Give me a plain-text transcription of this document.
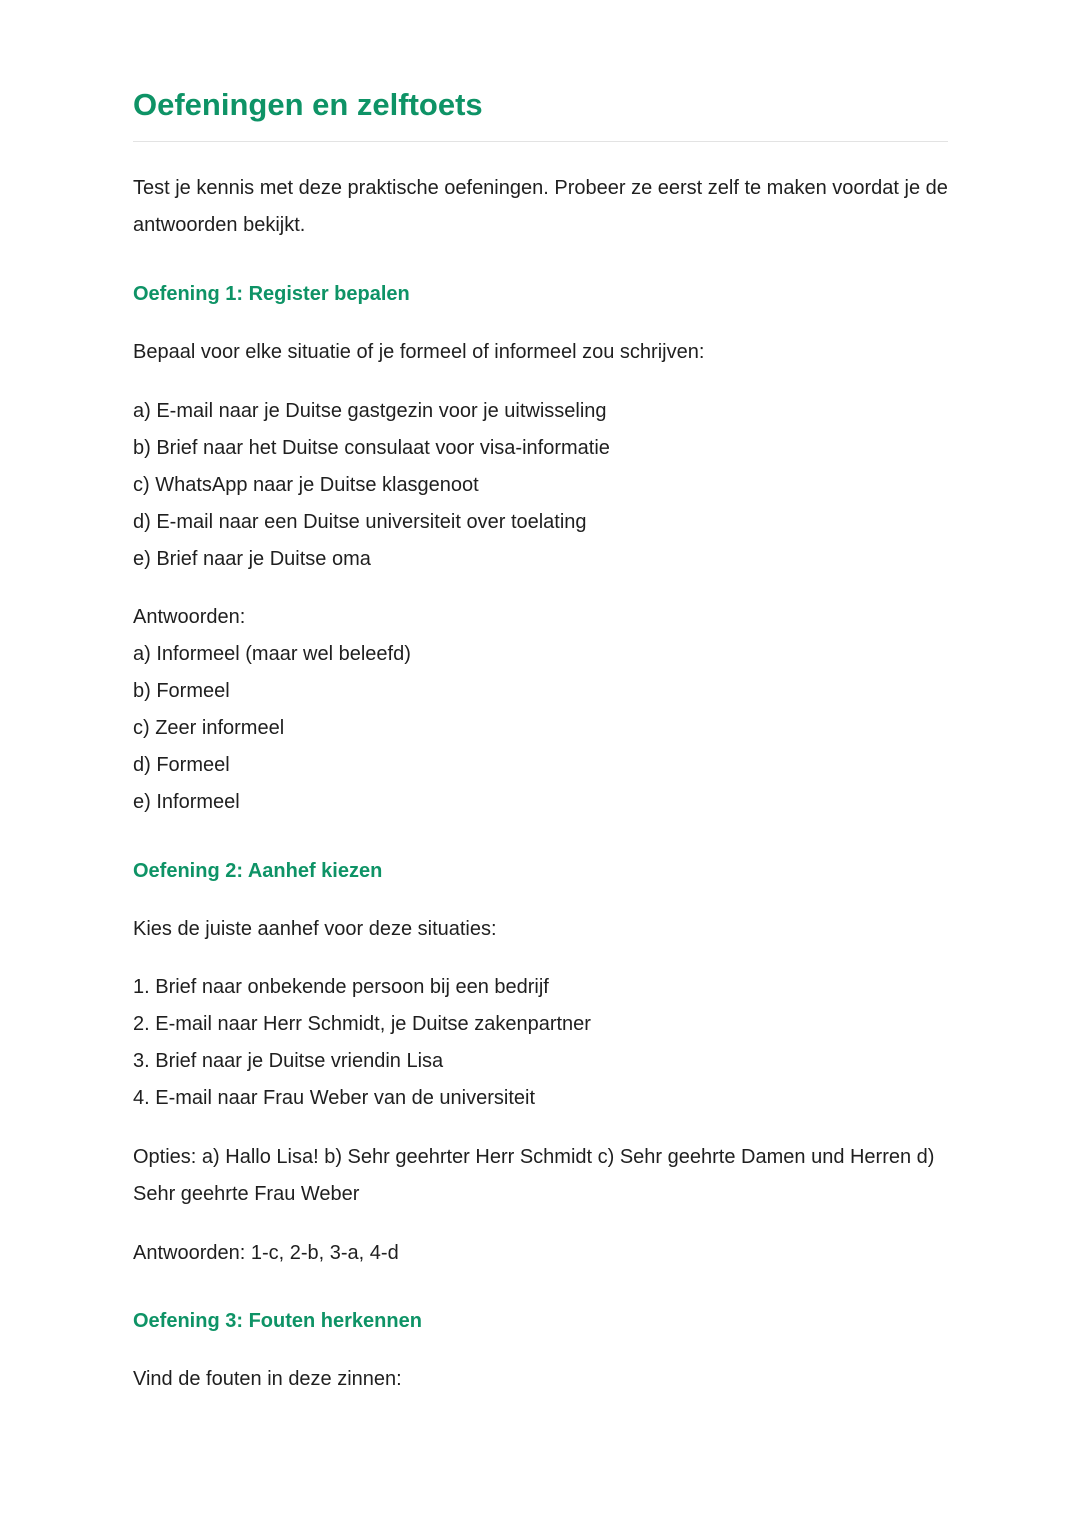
Oefeningen en zelftoets

Test je kennis met deze praktische oefeningen. Probeer ze eerst zelf te maken voordat je de antwoorden bekijkt.

Oefening 1: Register bepalen

Bepaal voor elke situatie of je formeel of informeel zou schrijven:

a) E-mail naar je Duitse gastgezin voor je uitwisseling

b) Brief naar het Duitse consulaat voor visa-informatie

c) WhatsApp naar je Duitse klasgenoot

d) E-mail naar een Duitse universiteit over toelating

e) Brief naar je Duitse oma

Antwoorden:

a) Informeel (maar wel beleefd)

b) Formeel

c) Zeer informeel

d) Formeel

e) Informeel

Oefening 2: Aanhef kiezen

Kies de juiste aanhef voor deze situaties:

1. Brief naar onbekende persoon bij een bedrijf

2. E-mail naar Herr Schmidt, je Duitse zakenpartner

3. Brief naar je Duitse vriendin Lisa

4. E-mail naar Frau Weber van de universiteit

Opties: a) Hallo Lisa! b) Sehr geehrter Herr Schmidt c) Sehr geehrte Damen und Herren d)

Sehr geehrte Frau Weber

Antwoorden: 1-c, 2-b, 3-a, 4-d

Oefening 3: Fouten herkennen

Vind de fouten in deze zinnen:
